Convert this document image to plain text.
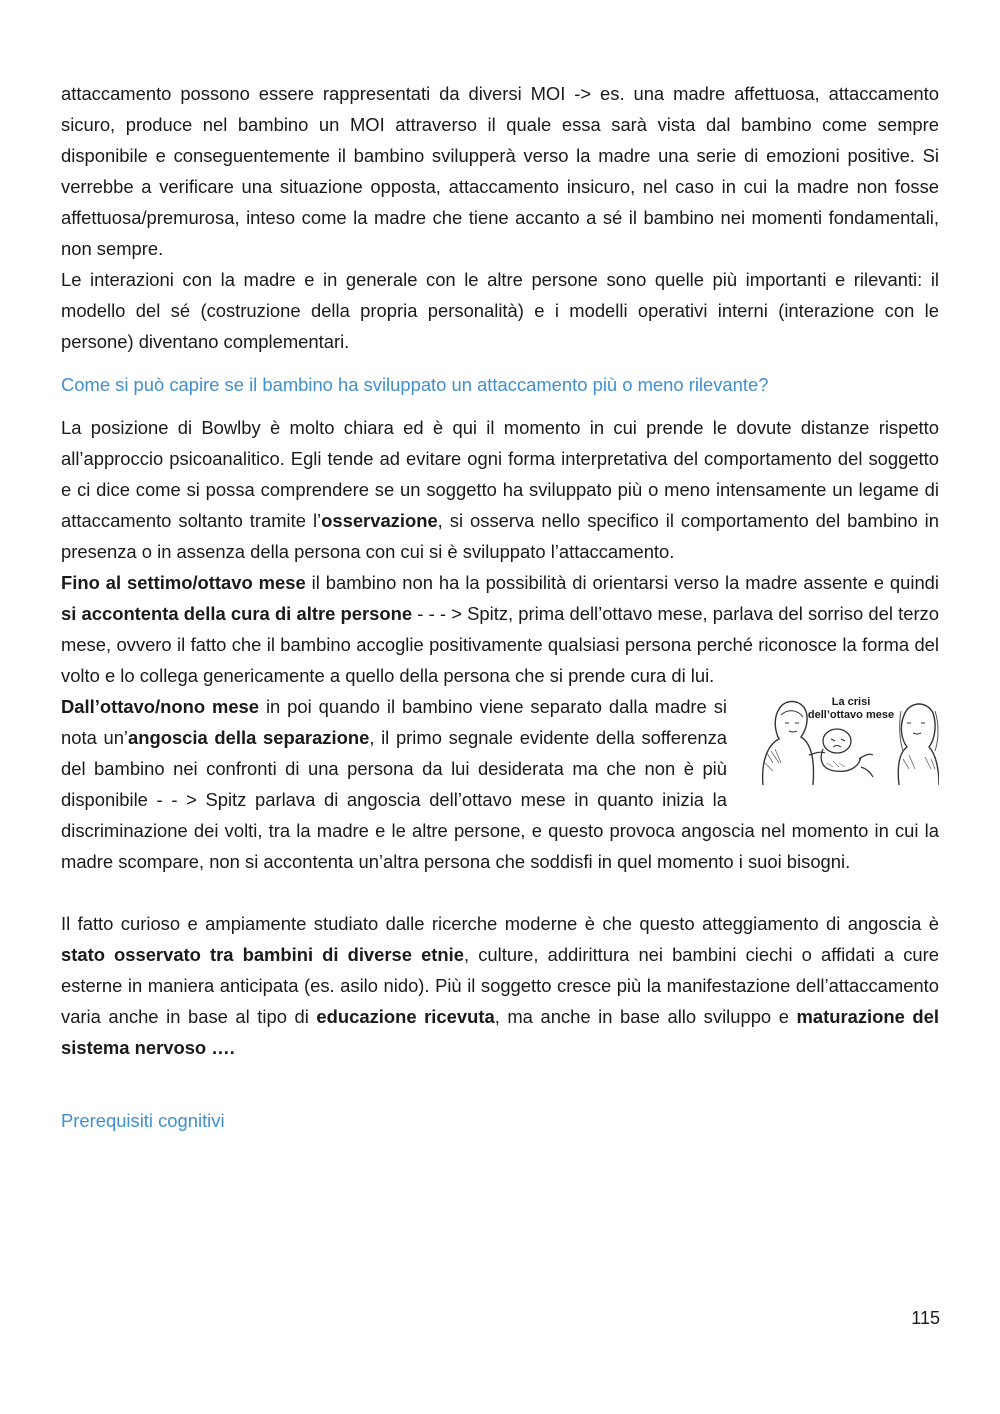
attaccamento possono essere rappresentati da diversi MOI -> es. una madre affettuosa, attaccamento sicuro, produce nel bambino un MOI attraverso il quale essa sarà vista dal bambino come sempre disponibile e conseguentemente il bambino svilupperà verso la madre una serie di emozioni positive. Si verrebbe a verificare una situazione opposta, attaccamento insicuro, nel caso in cui la madre non fosse affettuosa/premurosa, inteso come la madre che tiene accanto a sé il bambino nei momenti fondamentali, non sempre.

Le interazioni con la madre e in generale con le altre persone sono quelle più importanti e rilevanti: il modello del sé (costruzione della propria personalità) e i modelli operativi interni (interazione con le persone) diventano complementari.

Come si può capire se il bambino ha sviluppato un attaccamento più o meno rilevante?

La posizione di Bowlby è molto chiara ed è qui il momento in cui prende le dovute distanze rispetto all’approccio psicoanalitico. Egli tende ad evitare ogni forma interpretativa del comportamento del soggetto e ci dice come si possa comprendere se un soggetto ha sviluppato più o meno intensamente un legame di attaccamento soltanto tramite l’osservazione, si osserva nello specifico il comportamento del bambino in presenza o in assenza della persona con cui si è sviluppato l’attaccamento.

Fino al settimo/ottavo mese il bambino non ha la possibilità di orientarsi verso la madre assente e quindi si accontenta della cura di altre persone - - - > Spitz, prima dell’ottavo mese, parlava del sorriso del terzo mese, ovvero il fatto che il bambino accoglie positivamente qualsiasi persona perché riconosce la forma del volto e lo collega genericamente a quello della persona che si prende cura di lui.

La crisi
dell’ottavo mese

Dall’ottavo/nono mese in poi quando il bambino viene separato dalla madre si nota un’angoscia della separazione, il primo segnale evidente della sofferenza del bambino nei confronti di una persona da lui desiderata ma che non è più disponibile - - > Spitz parlava di angoscia dell’ottavo mese in quanto inizia la discriminazione dei volti, tra la madre e le altre persone, e questo provoca angoscia nel momento in cui la madre scompare, non si accontenta un’altra persona che soddisfi in quel momento i suoi bisogni.

Il fatto curioso e ampiamente studiato dalle ricerche moderne è che questo atteggiamento di angoscia è stato osservato tra bambini di diverse etnie, culture, addirittura nei bambini ciechi o affidati a cure esterne in maniera anticipata (es. asilo nido). Più il soggetto cresce più la manifestazione dell’attaccamento varia anche in base al tipo di educazione ricevuta, ma anche in base allo sviluppo e maturazione del sistema nervoso ….

Prerequisiti cognitivi

115
